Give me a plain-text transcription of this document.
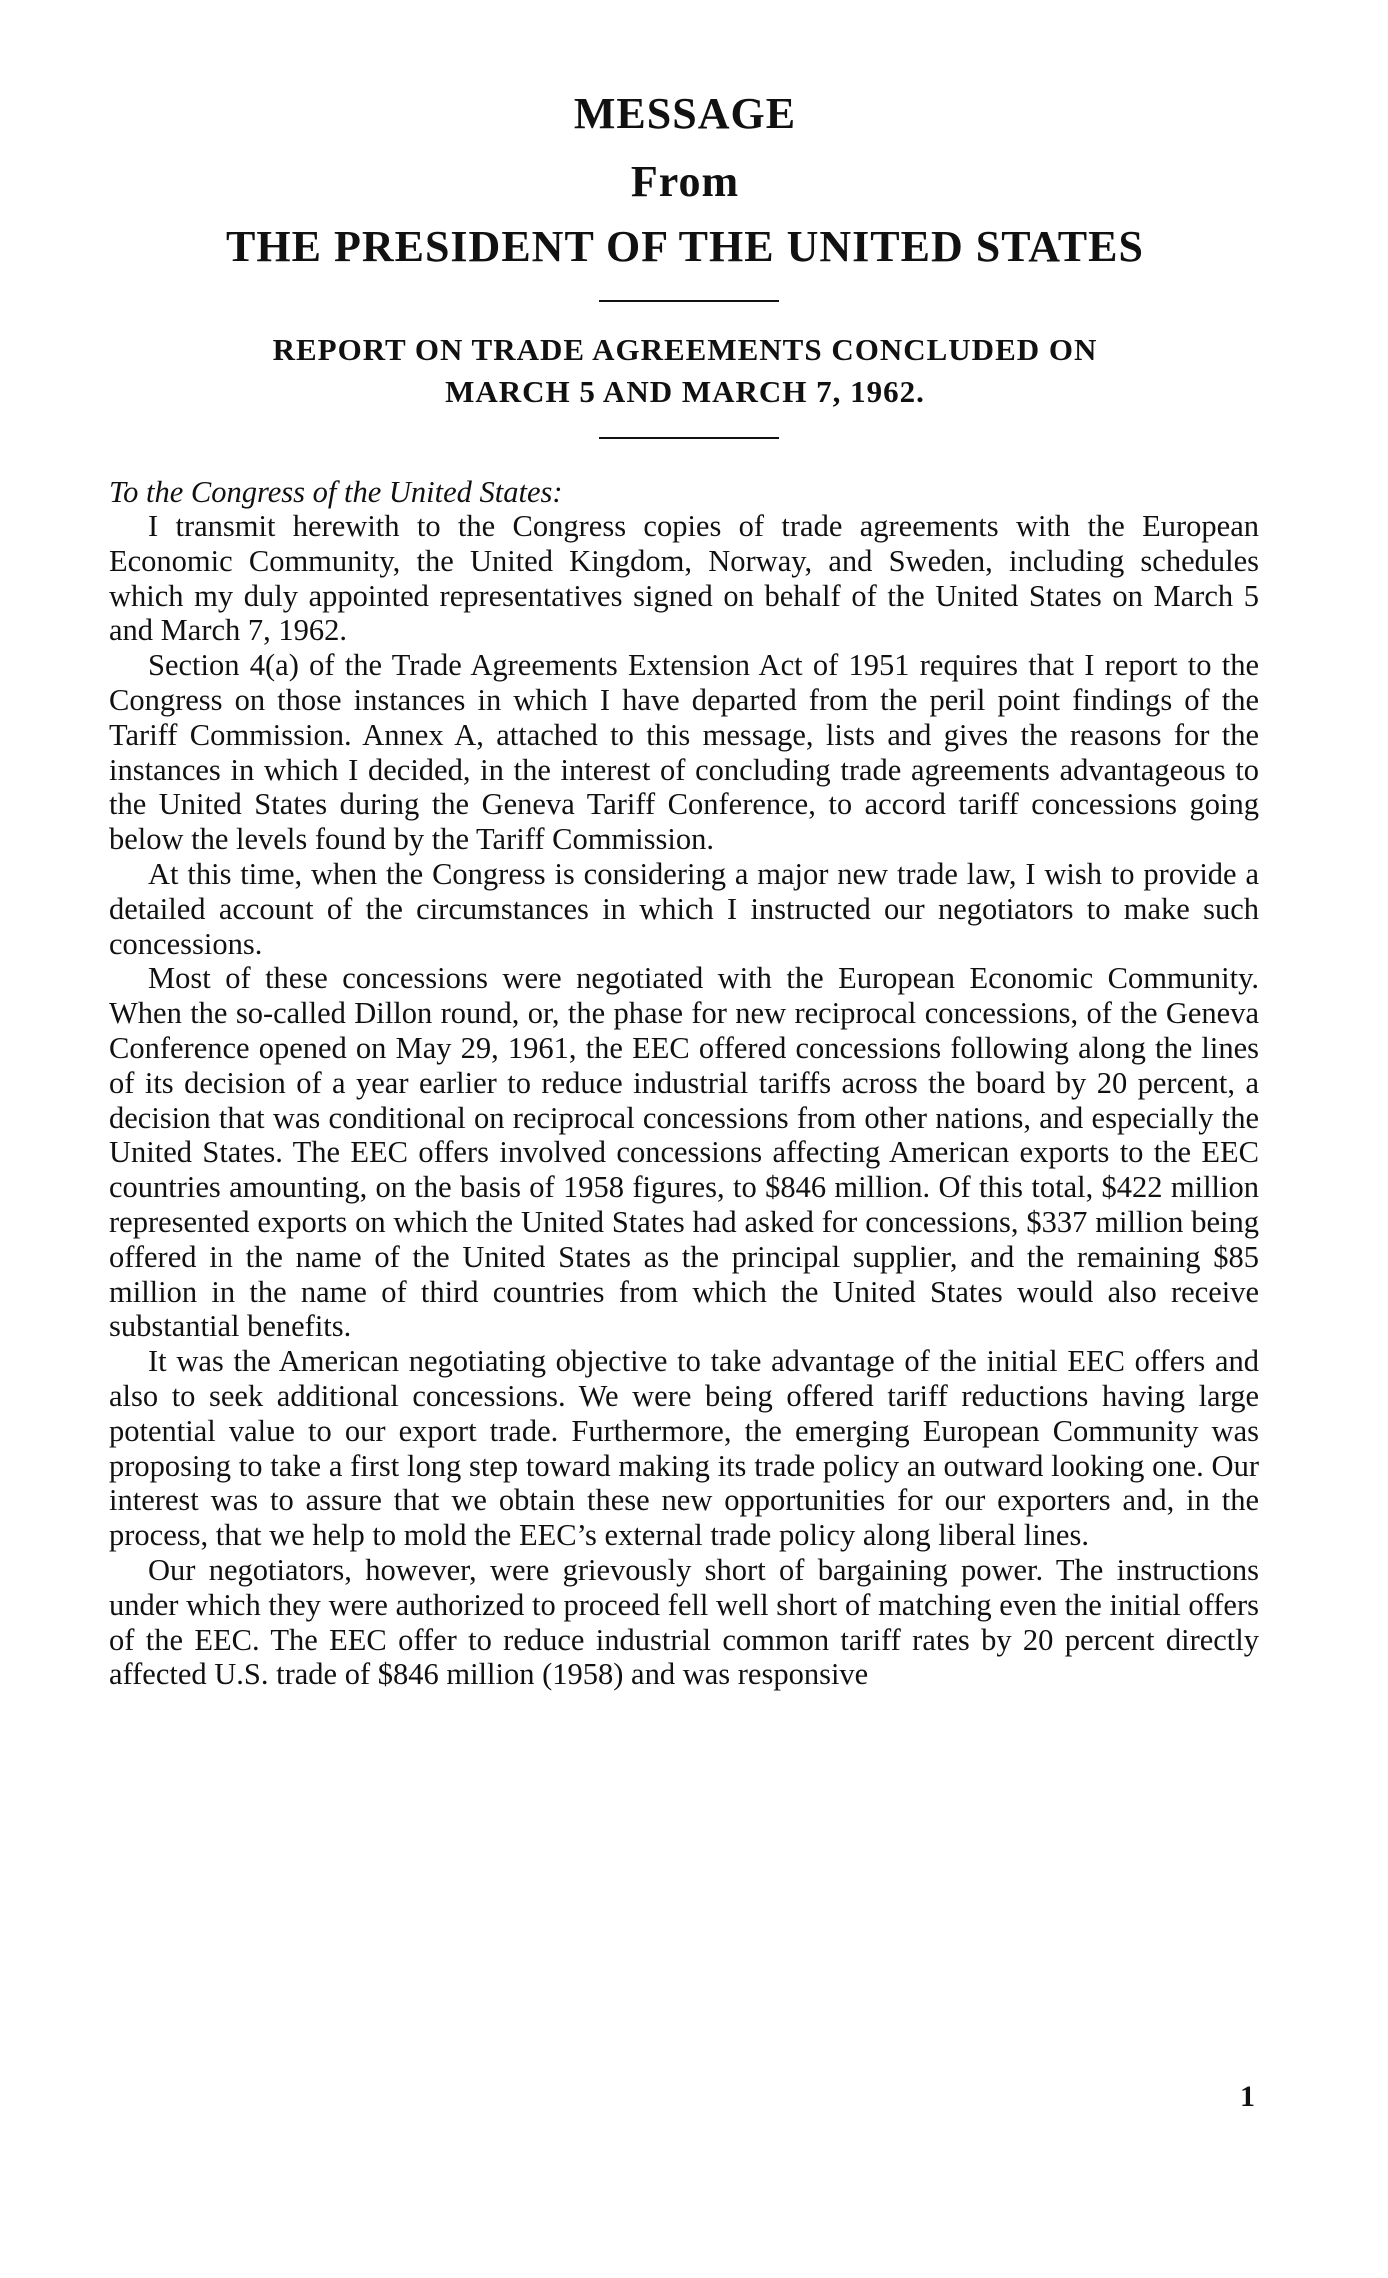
MESSAGE
From
THE PRESIDENT OF THE UNITED STATES
REPORT ON TRADE AGREEMENTS CONCLUDED ON
MARCH 5 AND MARCH 7, 1962.
To the Congress of the United States:

I transmit herewith to the Congress copies of trade agreements with the European Economic Community, the United Kingdom, Norway, and Sweden, including schedules which my duly appointed representatives signed on behalf of the United States on March 5 and March 7, 1962.

Section 4(a) of the Trade Agreements Extension Act of 1951 requires that I report to the Congress on those instances in which I have departed from the peril point findings of the Tariff Commission. Annex A, attached to this message, lists and gives the reasons for the instances in which I decided, in the interest of concluding trade agreements advantageous to the United States during the Geneva Tariff Conference, to accord tariff concessions going below the levels found by the Tariff Commission.

At this time, when the Congress is considering a major new trade law, I wish to provide a detailed account of the circumstances in which I instructed our negotiators to make such concessions.

Most of these concessions were negotiated with the European Economic Community. When the so-called Dillon round, or, the phase for new reciprocal concessions, of the Geneva Conference opened on May 29, 1961, the EEC offered concessions following along the lines of its decision of a year earlier to reduce industrial tariffs across the board by 20 percent, a decision that was conditional on reciprocal concessions from other nations, and especially the United States. The EEC offers involved concessions affecting American exports to the EEC countries amounting, on the basis of 1958 figures, to $846 million. Of this total, $422 million represented exports on which the United States had asked for concessions, $337 million being offered in the name of the United States as the principal supplier, and the remaining $85 million in the name of third countries from which the United States would also receive substantial benefits.

It was the American negotiating objective to take advantage of the initial EEC offers and also to seek additional concessions. We were being offered tariff reductions having large potential value to our export trade. Furthermore, the emerging European Community was proposing to take a first long step toward making its trade policy an outward looking one. Our interest was to assure that we obtain these new opportunities for our exporters and, in the process, that we help to mold the EEC’s external trade policy along liberal lines.

Our negotiators, however, were grievously short of bargaining power. The instructions under which they were authorized to proceed fell well short of matching even the initial offers of the EEC. The EEC offer to reduce industrial common tariff rates by 20 percent directly affected U.S. trade of $846 million (1958) and was responsive

1
